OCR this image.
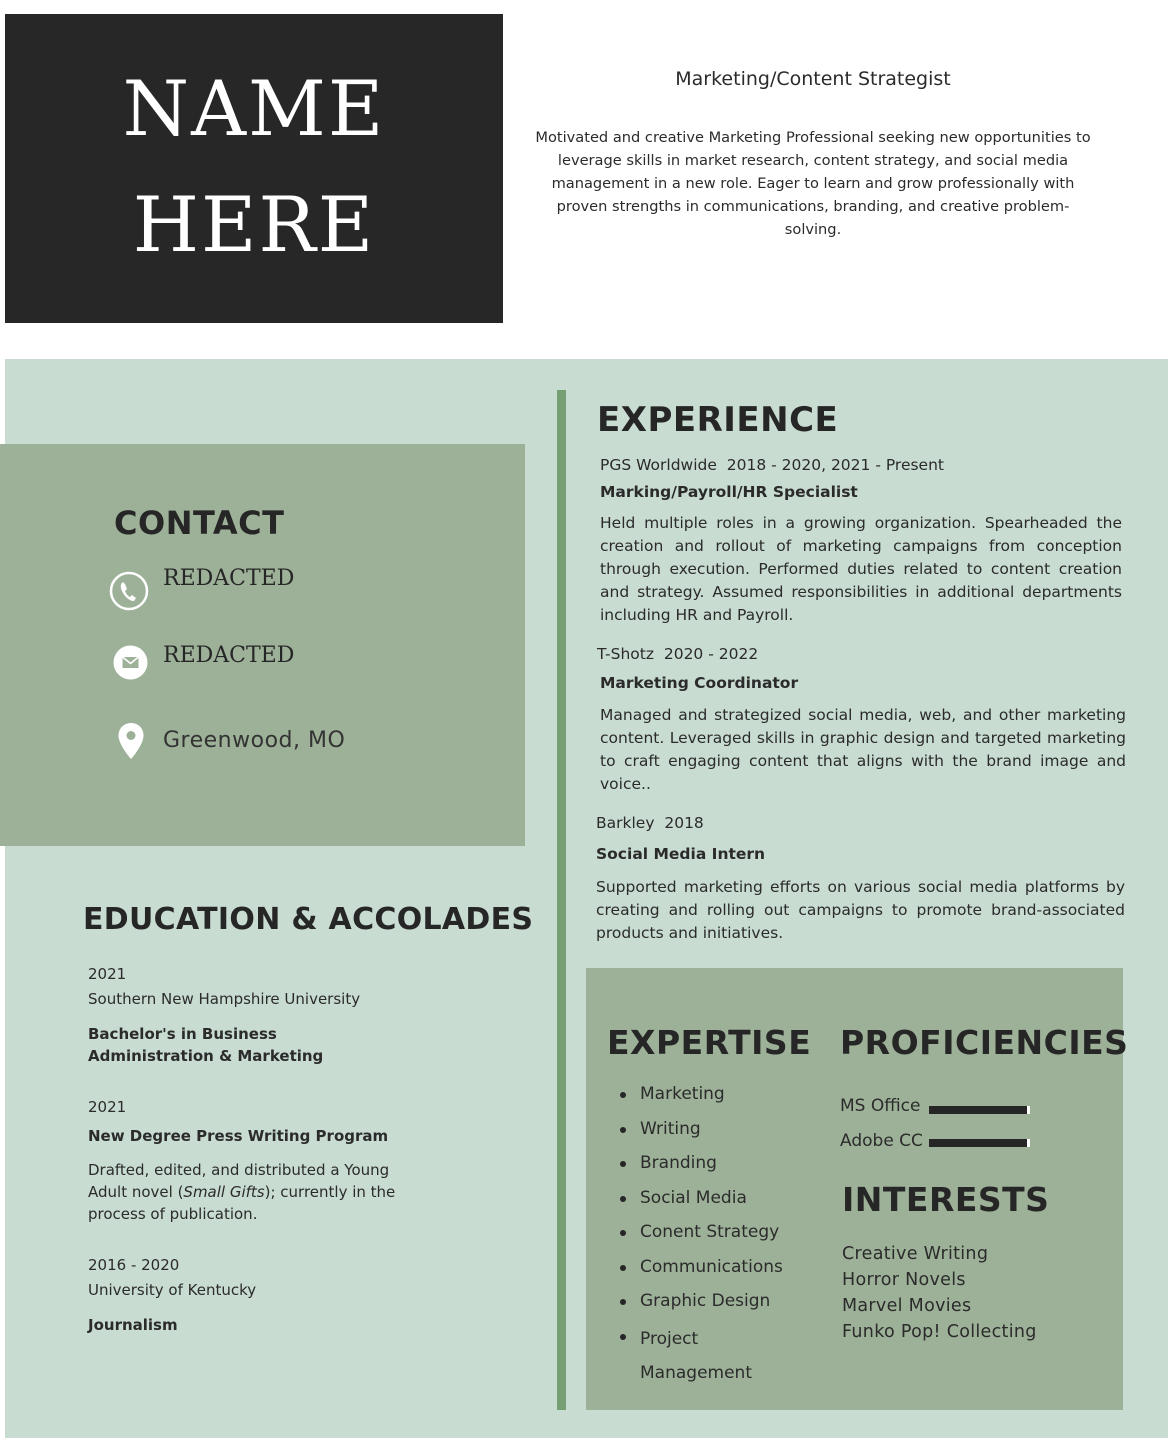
NAME
HERE
Marketing/Content Strategist
Motivated and creative Marketing Professional seeking new opportunities to leverage skills in market research, content strategy, and social media management in a new role. Eager to learn and grow professionally with proven strengths in communications, branding, and creative problem-solving.
CONTACT
REDACTED
REDACTED
Greenwood, MO
EDUCATION & ACCOLADES
2021
Southern New Hampshire University
Bachelor's in Business
Administration & Marketing
2021
New Degree Press Writing Program
Drafted, edited, and distributed a Young Adult novel (Small Gifts); currently in the process of publication.
2016 - 2020
University of Kentucky
Journalism
EXPERIENCE
PGS Worldwide  2018 - 2020, 2021 - Present
Marking/Payroll/HR Specialist
Held multiple roles in a growing organization. Spearheaded the creation and rollout of marketing campaigns from conception through execution. Performed duties related to content creation and strategy. Assumed responsibilities in additional departments including HR and Payroll.
T-Shotz  2020 - 2022
Marketing Coordinator
Managed and strategized social media, web, and other marketing content. Leveraged skills in graphic design and targeted marketing to craft engaging content that aligns with the brand image and voice..
Barkley  2018
Social Media Intern
Supported marketing efforts on various social media platforms by creating and rolling out campaigns to promote brand-associated products and initiatives.
EXPERTISE
Marketing
Writing
Branding
Social Media
Conent Strategy
Communications
Graphic Design
Project Management
PROFICIENCIES
MS Office
Adobe CC
INTERESTS
Creative Writing
Horror Novels
Marvel Movies
Funko Pop! Collecting
